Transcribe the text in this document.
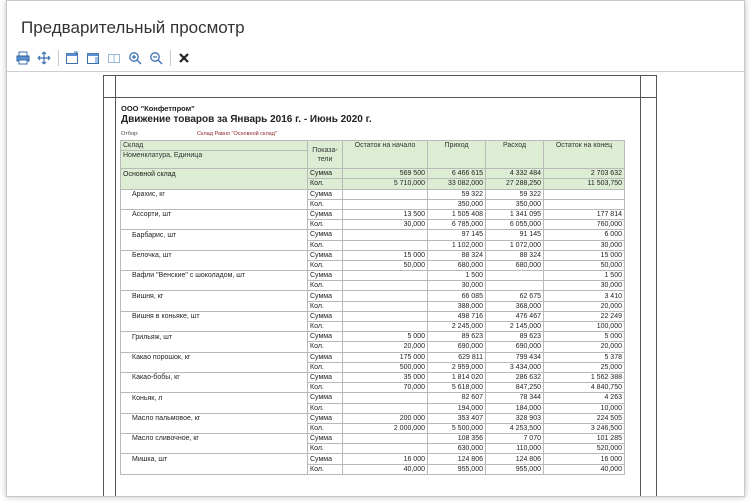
Предварительный просмотр
ООО "Конфетпром"
Движение товаров за Январь 2016 г. - Июнь 2020 г.
Отбор:	Склад Равно "Основной склад"
Склад	Показа-
тели	Остаток на начало	Приход	Расход	Остаток на конец
Номенклатура, Единица					
Основной склад	Сумма	569 500	6 466 615	4 332 484	2 703 632
	Кол.	5 710,000	33 082,000	27 288,250	11 503,750
Арахис, кг	Сумма		59 322	59 322	
	Кол.		350,000	350,000	
Ассорти, шт	Сумма	13 500	1 505 408	1 341 095	177 814
	Кол.	30,000	6 785,000	6 055,000	760,000
Барбарис, шт	Сумма		97 145	91 145	6 000
	Кол.		1 102,000	1 072,000	30,000
Белочка, шт	Сумма	15 000	88 324	88 324	15 000
	Кол.	50,000	680,000	680,000	50,000
Вафли "Венские" с шоколадом, шт	Сумма		1 500		1 500
	Кол.		30,000		30,000
Вишня, кг	Сумма		66 085	62 675	3 410
	Кол.		388,000	368,000	20,000
Вишня в коньяке, шт	Сумма		498 716	476 467	22 249
	Кол.		2 245,000	2 145,000	100,000
Грильяж, шт	Сумма	5 000	89 623	89 623	5 000
	Кол.	20,000	690,000	690,000	20,000
Какао порошок, кг	Сумма	175 000	629 811	799 434	5 378
	Кол.	500,000	2 959,000	3 434,000	25,000
Какао-бобы, кг	Сумма	35 000	1 814 020	286 632	1 562 388
	Кол.	70,000	5 618,000	847,250	4 840,750
Коньяк, л	Сумма		82 607	78 344	4 263
	Кол.		194,000	184,000	10,000
Масло пальмовое, кг	Сумма	200 000	353 407	328 903	224 505
	Кол.	2 000,000	5 500,000	4 253,500	3 246,500
Масло сливочное, кг	Сумма		108 356	7 070	101 285
	Кол.		630,000	110,000	520,000
Мишка, шт	Сумма	16 000	124 806	124 806	16 000
	Кол.	40,000	955,000	955,000	40,000
